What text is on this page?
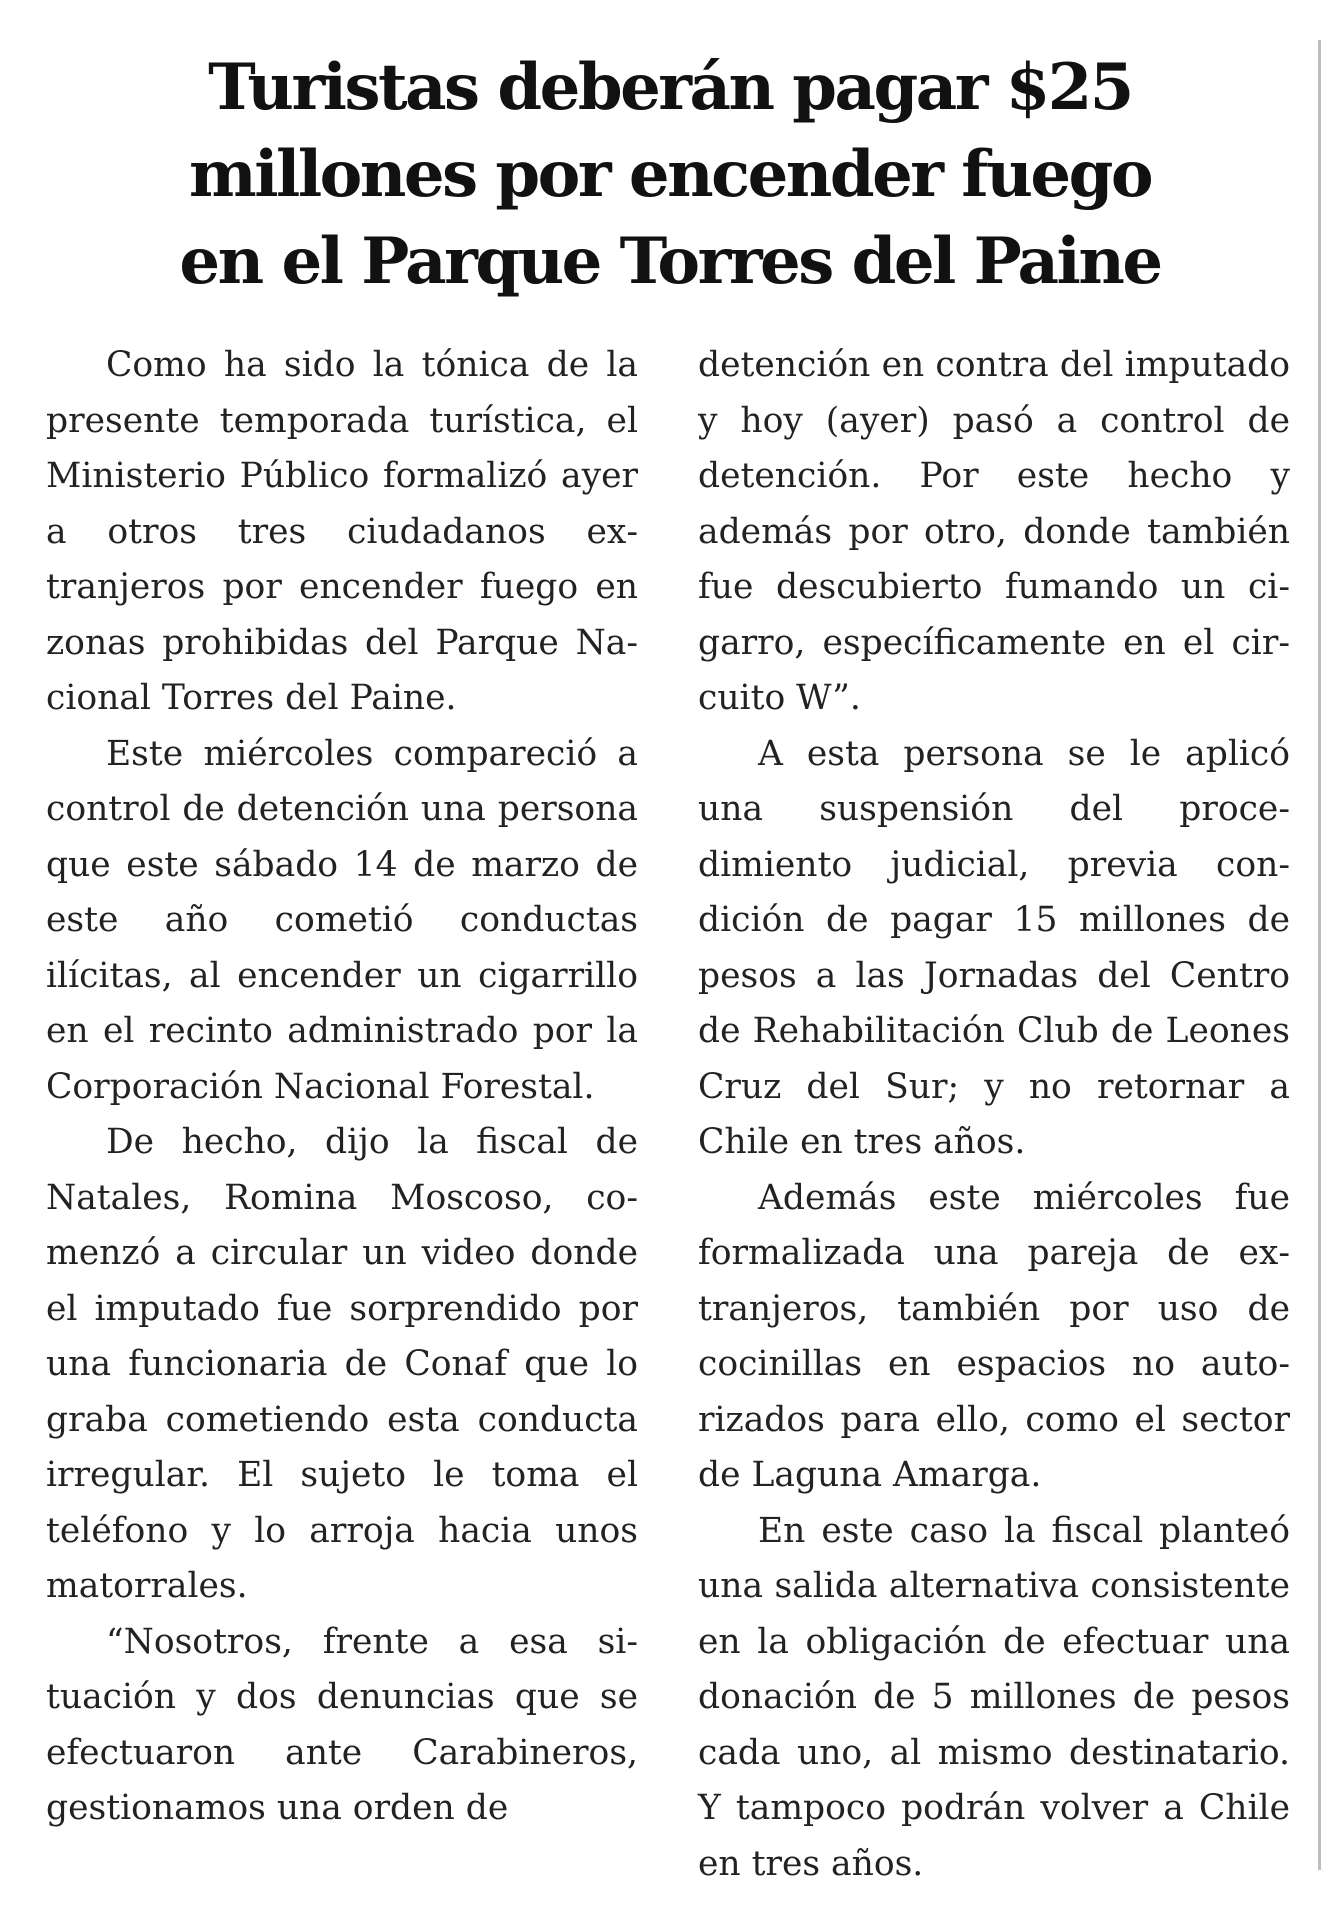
Turistas deberán pagar $25 millones por encender fuego en el Parque Torres del Paine

Como ha sido la tónica de la presente temporada turística, el Ministerio Público formalizó ayer a otros tres ciudadanos extranjeros por encender fuego en zonas prohibidas del Parque Nacional Torres del Paine.

Este miércoles compareció a control de detención una persona que este sábado 14 de marzo de este año cometió conductas ilícitas, al encender un cigarrillo en el recinto administrado por la Corporación Nacional Forestal.

De hecho, dijo la fiscal de Natales, Romina Moscoso, comenzó a circular un video donde el imputado fue sorprendido por una funcionaria de Conaf que lo graba cometiendo esta conducta irregular. El sujeto le toma el teléfono y lo arroja hacia unos matorrales.

“Nosotros, frente a esa situación y dos denuncias que se efectuaron ante Carabineros, gestionamos una orden de

detención en contra del imputado y hoy (ayer) pasó a control de detención. Por este hecho y además por otro, donde también fue descubierto fumando un cigarro, específicamente en el circuito W”.

A esta persona se le aplicó una suspensión del procedimiento judicial, previa condición de pagar 15 millones de pesos a las Jornadas del Centro de Rehabilitación Club de Leones Cruz del Sur; y no retornar a Chile en tres años.

Además este miércoles fue formalizada una pareja de extranjeros, también por uso de cocinillas en espacios no autorizados para ello, como el sector de Laguna Amarga.

En este caso la fiscal planteó una salida alternativa consistente en la obligación de efectuar una donación de 5 millones de pesos cada uno, al mismo destinatario. Y tampoco podrán volver a Chile en tres años.
